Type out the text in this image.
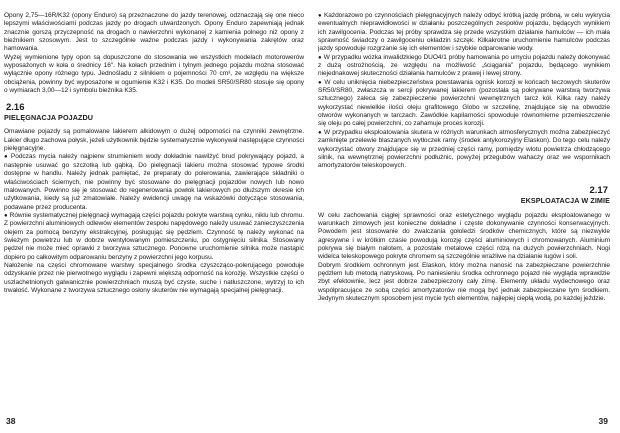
Opony 2,75—16R/K32 (opony Enduro) są przeznaczone do jazdy terenowej, odznaczają się one nieco lepszymi właściwościami podczas jazdy po drogach utwardzonych. Opony Enduro zapewniają jednak znacznie gorszą przyczepność na drogach o nawierzchni wykonanej z kamienia polnego niż opony z bieżnikiem szosowym. Jest to szczególnie ważne podczas jazdy i wykonywania zakrętów oraz hamowania.

Wyżej wymienione typy opon są dopuszczone do stosowania we wszystkich modelach motorowerów wyposażonych w koła o średnicy 16". Na kołach przednim i tylnym jednego pojazdu można stosować wyłącznie opony różnego typu. Jednośladu z silnikiem o pojemności 70 cm³, ze względu na większe obciążenia, powinny być wyposażone w ogumienie K32 i K35. Do modeli SR50/SR80 stosuje się opony o wymiarach 3,00—12 i symbolu bieżnika K35.

2.16

PIELĘGNACJA POJAZDU

Omawiane pojazdy są pomalowane lakierem alkidowym o dużej odporności na czynniki zewnętrzne. Lakier długo zachowa połysk, jeżeli użytkownik będzie systematycznie wykonywał następujące czynności pielęgnacyjne.

● Podczas mycia należy najpierw strumieniem wody dokładnie nawilżyć brud pokrywający pojazd, a następnie usuwać go szczotką lub gąbką. Do pielęgnacji lakieru można stosować typowe środki dostępne w handlu. Należy jednak pamiętać, że preparaty do polerowania, zawierające składniki o właściwościach ściernych, nie powinny być stosowane do pielęgnacji pojazdów nowych lub nowo malowanych. Powinno się je stosować do regenerowania powłok lakierowych po dłuższym okresie ich użytkowania, kiedy są już zmatowiałe. Należy ewidencji uwagę na wskazówki dotyczące stosowania, podawane przez producenta.

● Równie systematycznej pielęgnacji wymagają części pojazdu pokryte warstwą cynku, niklu lub chromu. Z powierzchni aluminiowych odlewów elementów zespołu napędowego należy usuwać zanieczyszczenia olejem za pomocą benzyny ekstrakcyjnej, posługując się pędzlem. Czynność tę należy wykonać na świeżym powietrzu lub w dobrze wentylowanym pomieszczeniu, po ostygnięciu silnika. Stosowany pędzel nie może mieć oprawki z tworzywa sztucznego. Ponowne uruchomienie silnika może nastąpić dopiero po całkowitym odparowaniu benzyny z powierzchni jego korpusu.

Nałożenie na części chromowane warstwy specjalnego środka czyszcząco-polerującego powoduje odzyskanie przez nie pierwotnego wyglądu i zapewni większą odporność na korozję. Wszystkie części o uszlachetnionych galwanicznie powierzchniach muszą być czyste, suche i natłuszczone, wytrzyj to ich trwałość. Wykonane z tworzywa sztucznego osłony skuterów nie wymagają specjalnej pielęgnacji.

38

● Każdorazowo po czynnościach pielęgnacyjnych należy odbyć krótką jazdę próbną, w celu wykrycia ewentualnych nieprawidłowości w działaniu poszczególnych zespołów pojazdu, będących wynikiem ich zawilgocenia. Podczas tej próby sprawdza się przede wszystkim działanie hamulców — ich mała sprawność świadczy o zawilgoceniu okładzin szczęk. Kilkakrotne uruchomienie hamulców podczas jazdy spowoduje rozgrzanie się ich elementów i szybkie odparowanie wody.

● W przypadku wózka inwalidzkiego DUO4/1 próby hamowania po umyciu pojazdu należy dokonywać z dużą ostrożnością, ze względu na możliwość „ściągania" pojazdu, będącego wynikiem niejednakowej skuteczności działania hamulców z prawej i lewej strony.

● W celu uniknięcia niebezpieczeństwa powstawania ognisk korozji w końcach teczowych skuterów SR50/SR80, zwłaszcza w sercji pokrywanej lakierem (pozostała są pokrywane warstwą tworzywa sztucznego) zaleca się zabezpieczenie powierzchni wewnętrznych tarcz kół. Kilka razy należy wykorzystać niewielkie ilości oleju grafitowego Globo w szczelinę, znajdujące się na obwodzie otworów wykonanych w tarczach. Zawódkie kapilarności spowoduje równomierne przemieszczenie się oleju po całej powierzchni, co zahamuje proces korozji.

● W przypadku eksploatowania skutera w różnych warunkach atmosferycznych można zabezpieczyć zamknięte przelewie blaszanych wytłoczek ramy (środek antykorozyjny Elaskon). Do tego celu należy wykorzystać otwory znajdujące się w przedniej części ramy, pomiędzy wlotu powietrza chłodzącego silnik, na wewnętrznej powierzchni podłużnic, powyżej przegubów wahaczy oraz we wspornikach amortyzatorów teleskopowych.

2.17

EKSPLOATACJA W ZIMIE

W celu zachowania ciągłej sprawności oraz estetycznego wyglądu pojazdu eksploatowanego w warunkach zimowych jest konieczne dokładne i częste dokonywanie czynności konserwacyjnych. Powodem jest stosowanie do zwalczania gołoledzi środków chemicznych, które są niezwykle agresywne i w krótkim czasie powodują korozję części aluminiowych i chromowanych. Aluminium pokrywa się białym nalotem, a pozostałe metalowe części rdzą na dużych powierzchniach. Nogi widelca teleskopowego pokryte chromem są szczególnie wrażliwe na działanie ługów i soli.

Dobrym środkiem ochronnym jest Elaskon, który można nanosić na zabezpieczane powierzchnie pędzlem lub metodą natryskową. Po naniesieniu środka ochronnego pojazd nie wygląda wprawdzie zbyt efektownie, lecz jest dobrze zabezpieczony cały zimę. Elementy układu wydechowego oraz współpracujące ze sobą części amortyzatorów nie mogą być jednak zabezpieczane tym środkiem. Jedynym skutecznym sposobem jest mycie tych elementów, najlepiej ciepłą wodą, po każdej jeździe.

39
